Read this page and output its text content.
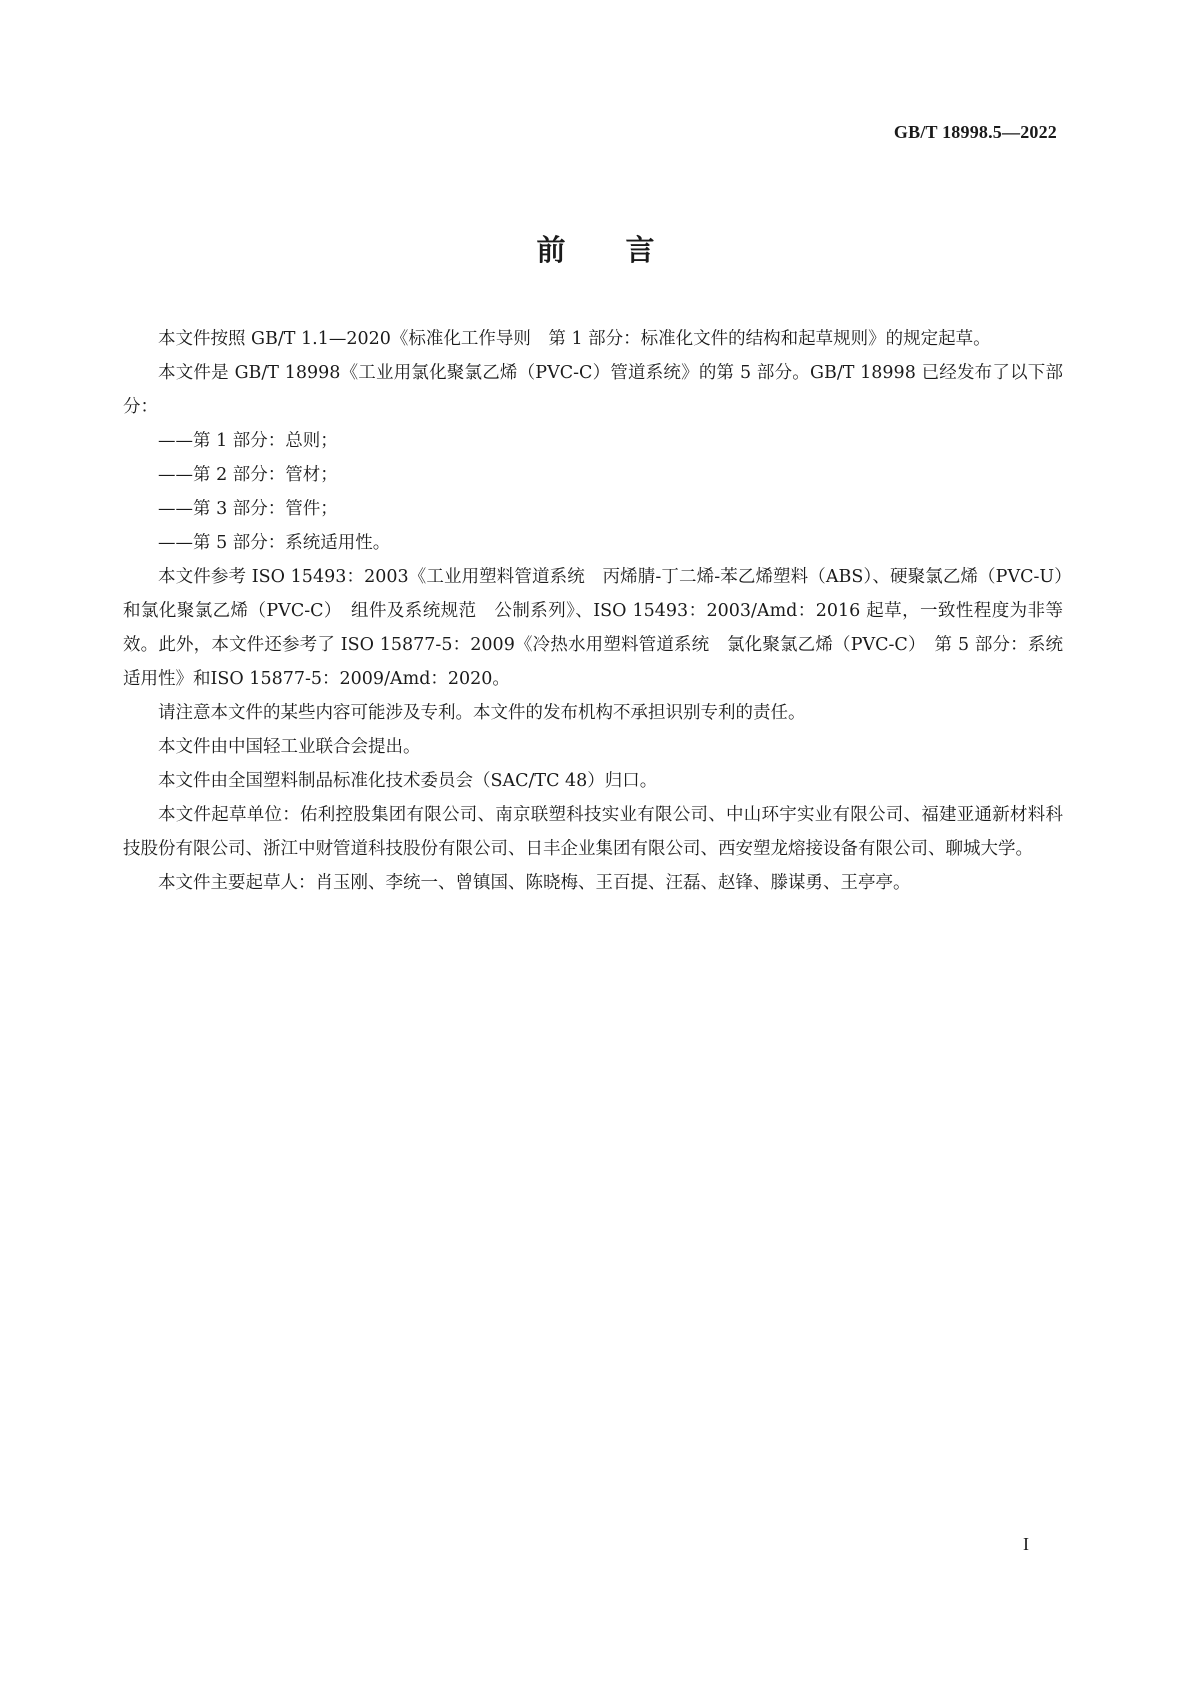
GB/T 18998.5—2022
前言

本文件按照 GB/T 1.1—2020《标准化工作导则　第 1 部分：标准化文件的结构和起草规则》的规定起草。

本文件是 GB/T 18998《工业用氯化聚氯乙烯（PVC-C）管道系统》的第 5 部分。GB/T 18998 已经发布了以下部分：

——第 1 部分：总则；

——第 2 部分：管材；

——第 3 部分：管件；

——第 5 部分：系统适用性。

本文件参考 ISO 15493：2003《工业用塑料管道系统　丙烯腈-丁二烯-苯乙烯塑料（ABS）、硬聚氯乙烯（PVC-U）和氯化聚氯乙烯（PVC-C）　组件及系统规范　公制系列》、ISO 15493：2003/Amd：2016 起草，一致性程度为非等效。此外，本文件还参考了 ISO 15877-5：2009《冷热水用塑料管道系统　氯化聚氯乙烯（PVC-C）　第 5 部分：系统适用性》和ISO 15877-5：2009/Amd：2020。

请注意本文件的某些内容可能涉及专利。本文件的发布机构不承担识别专利的责任。

本文件由中国轻工业联合会提出。

本文件由全国塑料制品标准化技术委员会（SAC/TC 48）归口。

本文件起草单位：佑利控股集团有限公司、南京联塑科技实业有限公司、中山环宇实业有限公司、福建亚通新材料科技股份有限公司、浙江中财管道科技股份有限公司、日丰企业集团有限公司、西安塑龙熔接设备有限公司、聊城大学。

本文件主要起草人：肖玉刚、李统一、曾镇国、陈晓梅、王百提、汪磊、赵锋、滕谋勇、王亭亭。

I
